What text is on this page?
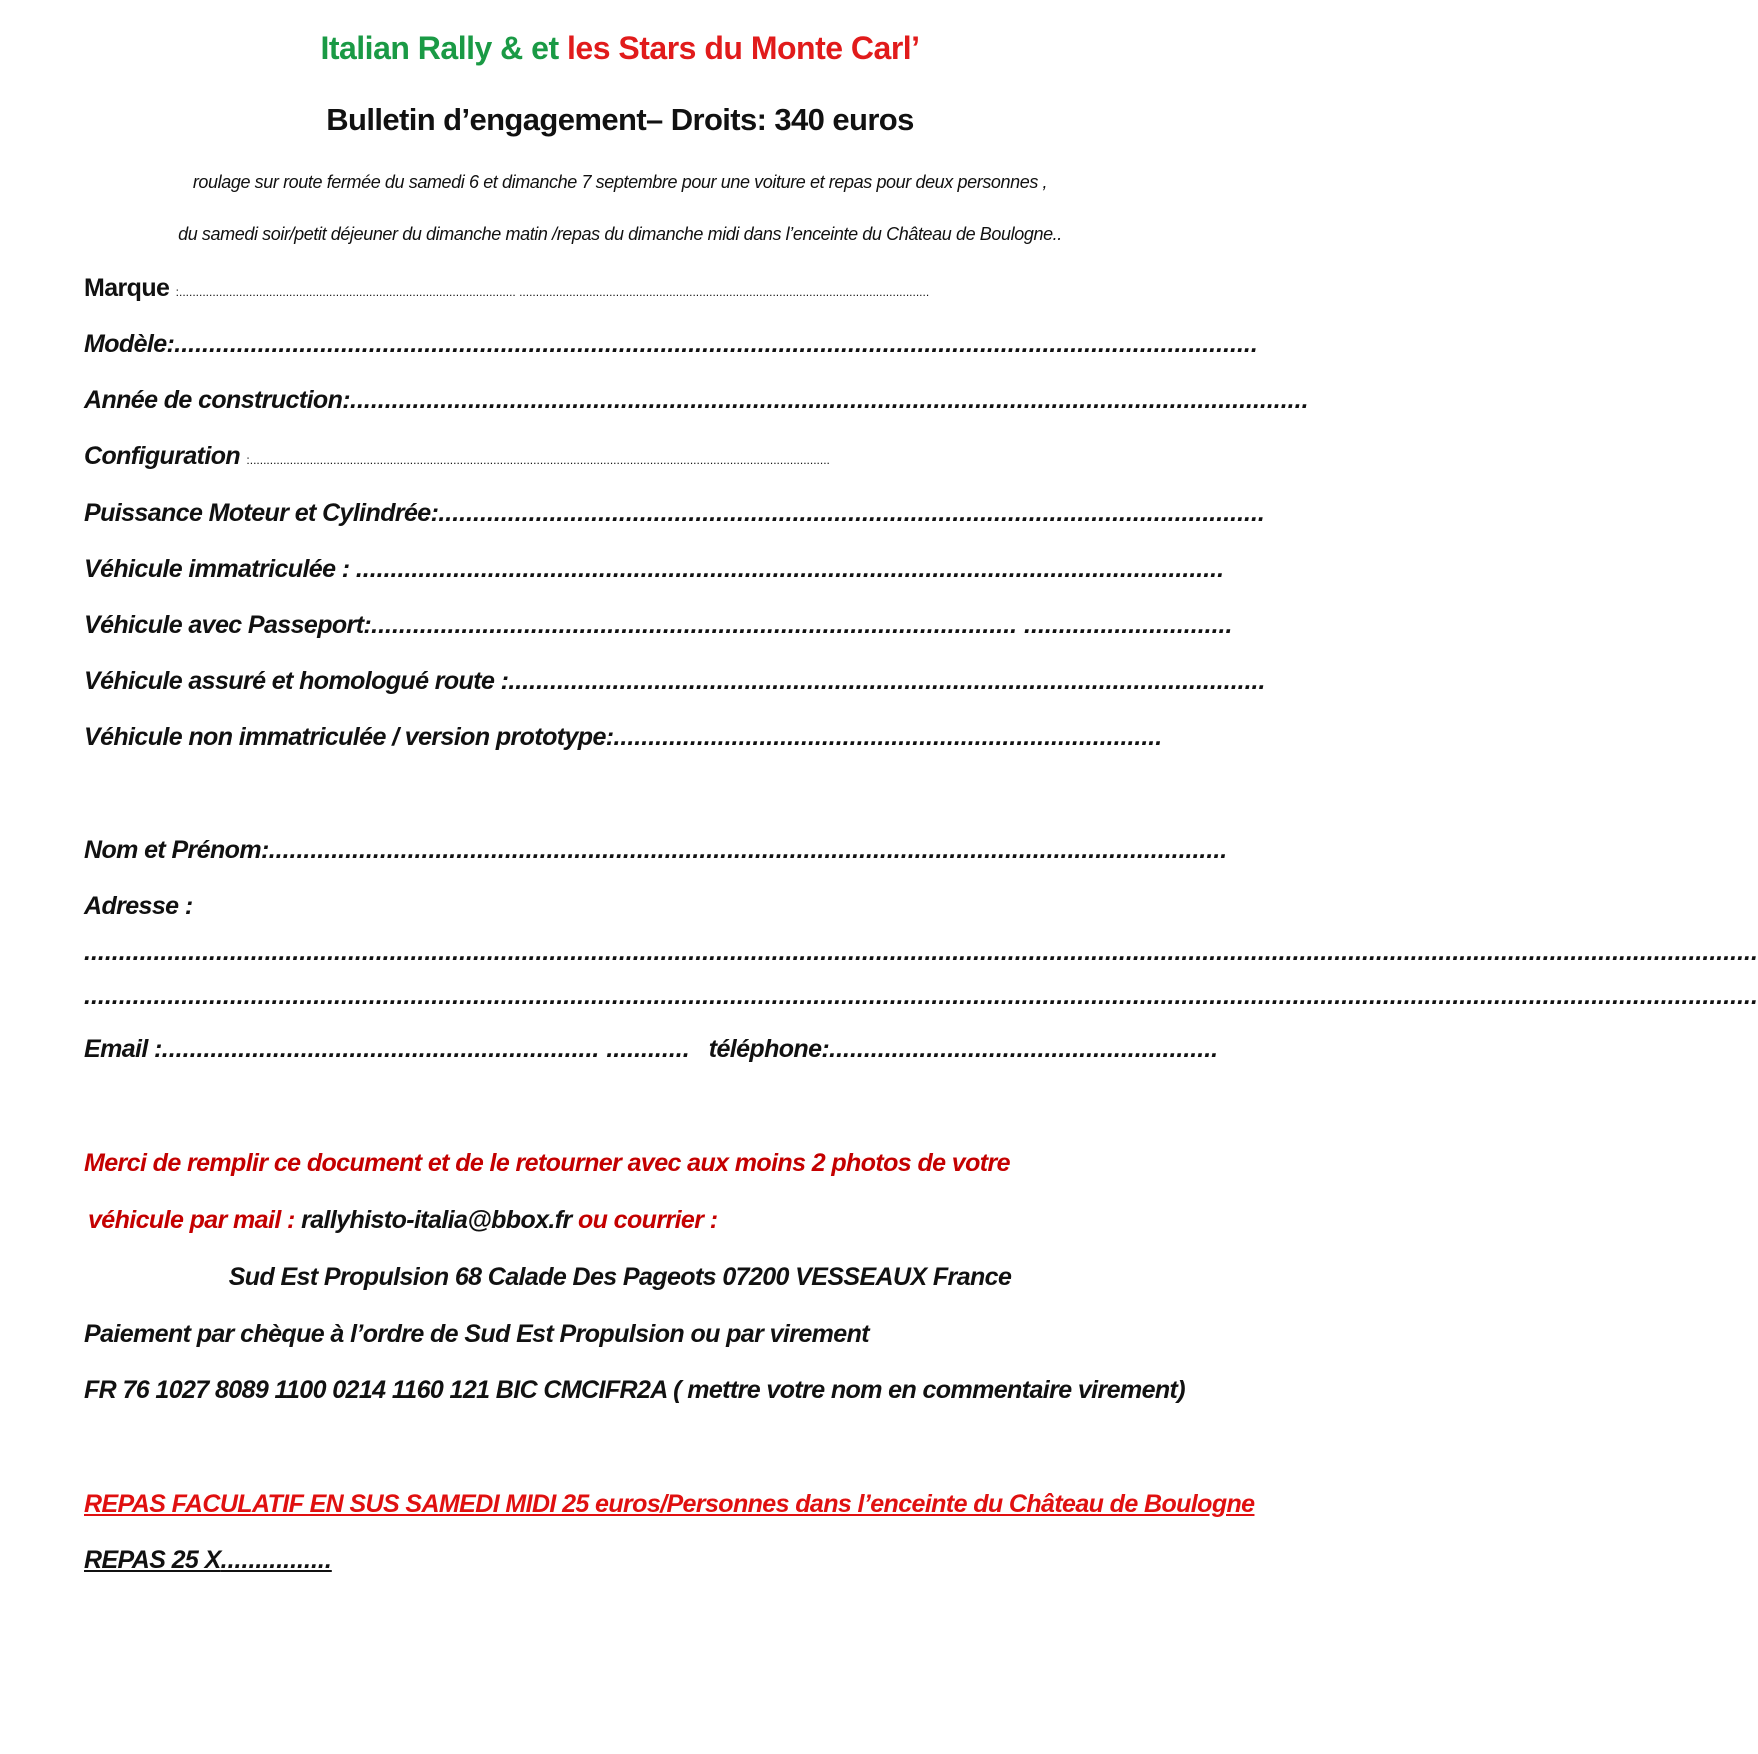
Italian Rally & et les Stars du Monte Carl’
Bulletin d’engagement– Droits: 340 euros
roulage sur route fermée du samedi 6 et dimanche 7 septembre pour une voiture et repas pour deux personnes ,
du samedi soir/petit déjeuner du dimanche matin /repas du dimanche midi dans l’enceinte du Château de Boulogne..
Marque :..................................................................................................... ...........................................................................................................................
Modèle:............................................................................................................................................................
Année de construction:..........................................................................................................................................
Configuration :..............................................................................................................................................................................
Puissance Moteur et Cylindrée:.......................................................................................................................
Véhicule immatriculée : .............................................................................................................................
Véhicule avec Passeport:............................................................................................. ..............................
Véhicule assuré et homologué route :.............................................................................................................
Véhicule non immatriculée / version prototype:...............................................................................
Nom et Prénom:..........................................................................................................................................
Adresse :
.................................................................................................................................................................................................................................................
.................................................................................................................................................................................................................................................
Email :............................................................... ............ téléphone:........................................................
Merci de remplir ce document et de le retourner avec aux moins 2 photos de votre
véhicule par mail : rallyhisto-italia@bbox.fr ou courrier :
Sud Est Propulsion 68 Calade Des Pageots 07200 VESSEAUX France
Paiement par chèque à l’ordre de Sud Est Propulsion ou par virement
FR 76 1027 8089 1100 0214 1160 121 BIC CMCIFR2A ( mettre votre nom en commentaire virement)
REPAS FACULATIF EN SUS SAMEDI MIDI 25 euros/Personnes dans l’enceinte du Château de Boulogne
REPAS 25 X................
